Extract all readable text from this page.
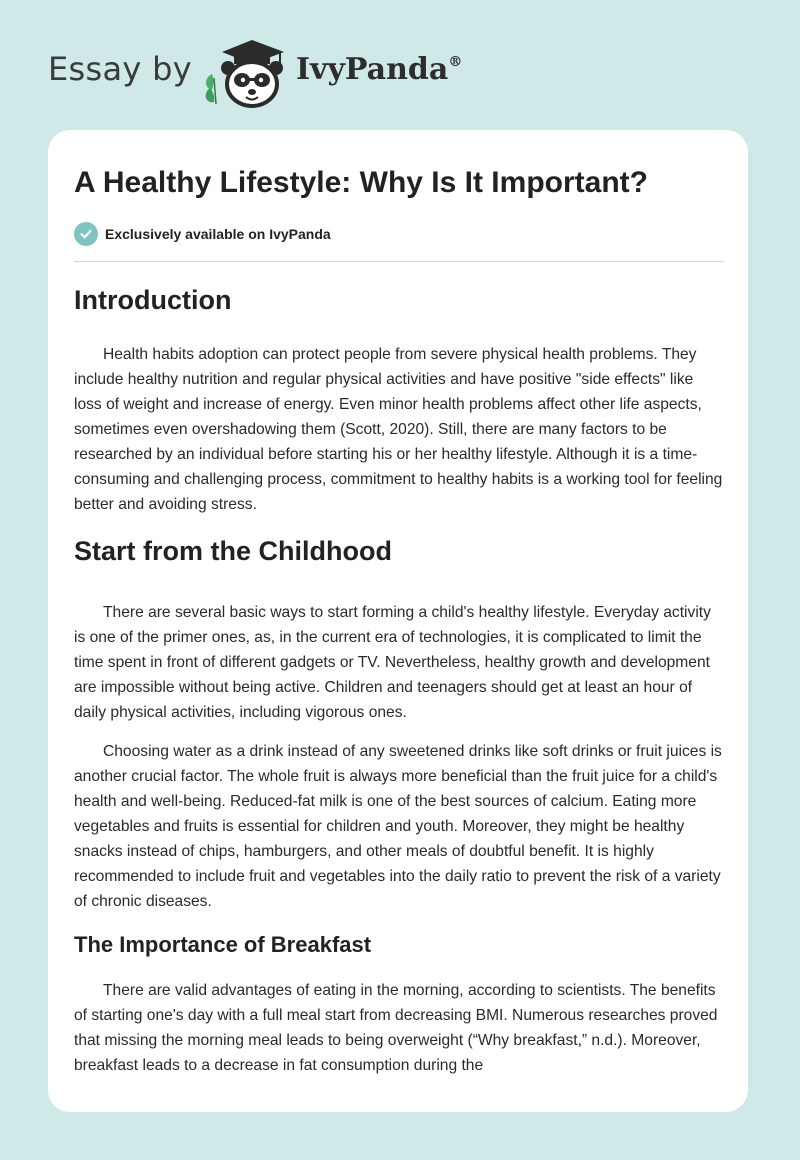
Essay by	IvyPanda®
A Healthy Lifestyle: Why Is It Important?
Exclusively available on IvyPanda
Introduction

Health habits adoption can protect people from severe physical health problems. They include healthy nutrition and regular physical activities and have positive "side effects" like loss of weight and increase of energy. Even minor health problems affect other life aspects, sometimes even overshadowing them (Scott, 2020). Still, there are many factors to be researched by an individual before starting his or her healthy lifestyle. Although it is a time-consuming and challenging process, commitment to healthy habits is a working tool for feeling better and avoiding stress.

Start from the Childhood

There are several basic ways to start forming a child's healthy lifestyle. Everyday activity is one of the primer ones, as, in the current era of technologies, it is complicated to limit the time spent in front of different gadgets or TV. Nevertheless, healthy growth and development are impossible without being active. Children and teenagers should get at least an hour of daily physical activities, including vigorous ones.

Choosing water as a drink instead of any sweetened drinks like soft drinks or fruit juices is another crucial factor. The whole fruit is always more beneficial than the fruit juice for a child's health and well-being. Reduced-fat milk is one of the best sources of calcium. Eating more vegetables and fruits is essential for children and youth. Moreover, they might be healthy snacks instead of chips, hamburgers, and other meals of doubtful benefit. It is highly recommended to include fruit and vegetables into the daily ratio to prevent the risk of a variety of chronic diseases.

The Importance of Breakfast

There are valid advantages of eating in the morning, according to scientists. The benefits of starting one's day with a full meal start from decreasing BMI. Numerous researches proved that missing the morning meal leads to being overweight (“Why breakfast,” n.d.). Moreover, breakfast leads to a decrease in fat consumption during the
